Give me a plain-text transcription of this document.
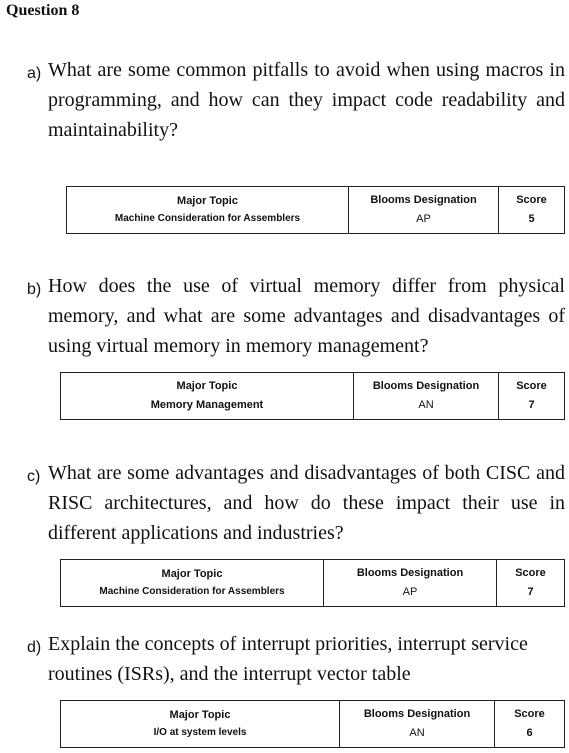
Question 8
a) What are some common pitfalls to avoid when using macros in programming, and how can they impact code readability and maintainability?
Major Topic
Machine Consideration for Assemblers

Blooms Designation
AP

Score
5
b) How does the use of virtual memory differ from physical memory, and what are some advantages and disadvantages of using virtual memory in memory management?
Major Topic
Memory Management

Blooms Designation
AN

Score
7
c) What are some advantages and disadvantages of both CISC and RISC architectures, and how do these impact their use in different applications and industries?
Major Topic
Machine Consideration for Assemblers

Blooms Designation
AP

Score
7
d) Explain the concepts of interrupt priorities, interrupt service routines (ISRs), and the interrupt vector table
Major Topic
I/O at system levels

Blooms Designation
AN

Score
6
